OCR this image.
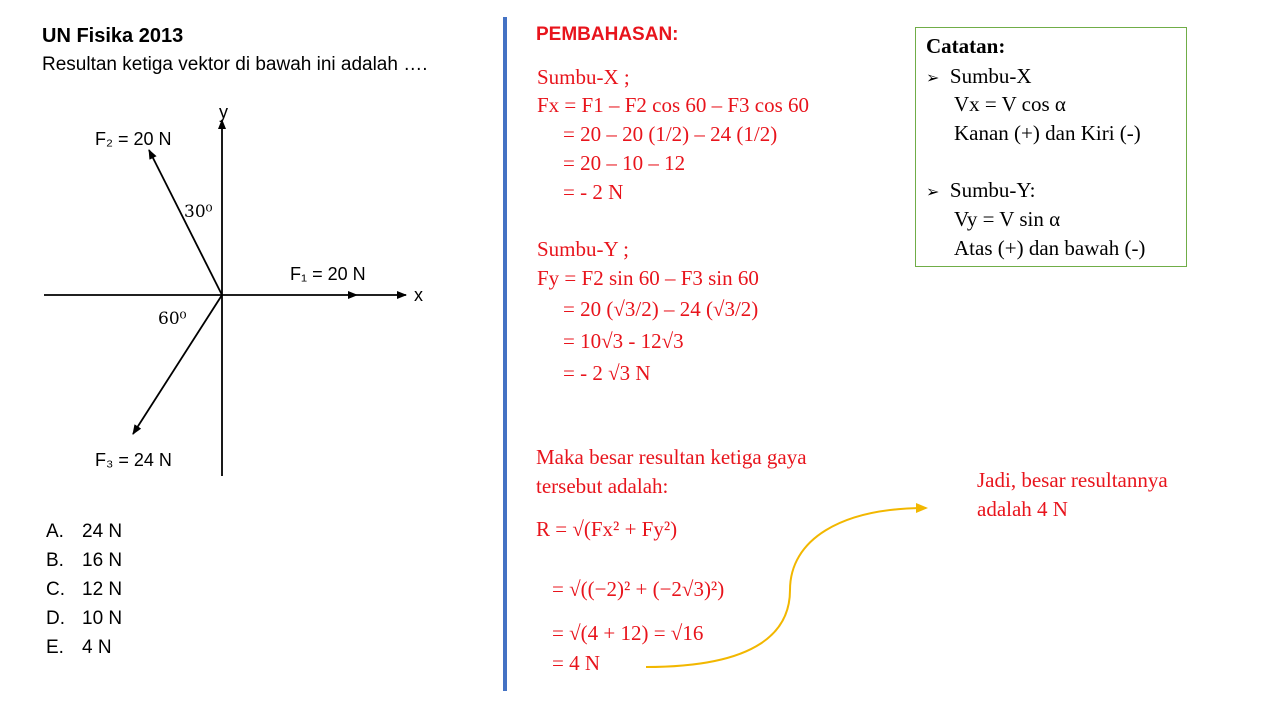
UN Fisika 2013
Resultan ketiga vektor di bawah ini adalah ….
y
x
F₂ = 20 N
F₁ = 20 N
F₃ = 24 N
30⁰
60⁰
A. 24 N
B. 16 N
C. 12 N
D. 10 N
E. 4 N
PEMBAHASAN:
Sumbu-X ;
Fx = F1 – F2 cos 60 – F3 cos 60
= 20 – 20 (1/2) – 24 (1/2)
= 20 – 10 – 12
= - 2 N
Sumbu-Y ;
Fy = F2 sin 60 – F3 sin 60
= 20 (√3/2) – 24 (√3/2)
= 10√3 - 12√3
= - 2 √3 N
Maka besar resultan ketiga gaya
tersebut adalah:
R = √(Fx² + Fy²)
= √((−2)² + (−2√3)²)
= √(4 + 12) = √16
= 4 N
Jadi, besar resultannya
adalah 4 N
Catatan:
➢ Sumbu-X
Vx = V cos α
Kanan (+) dan Kiri (-)
➢ Sumbu-Y:
Vy = V sin α
Atas (+) dan bawah (-)
